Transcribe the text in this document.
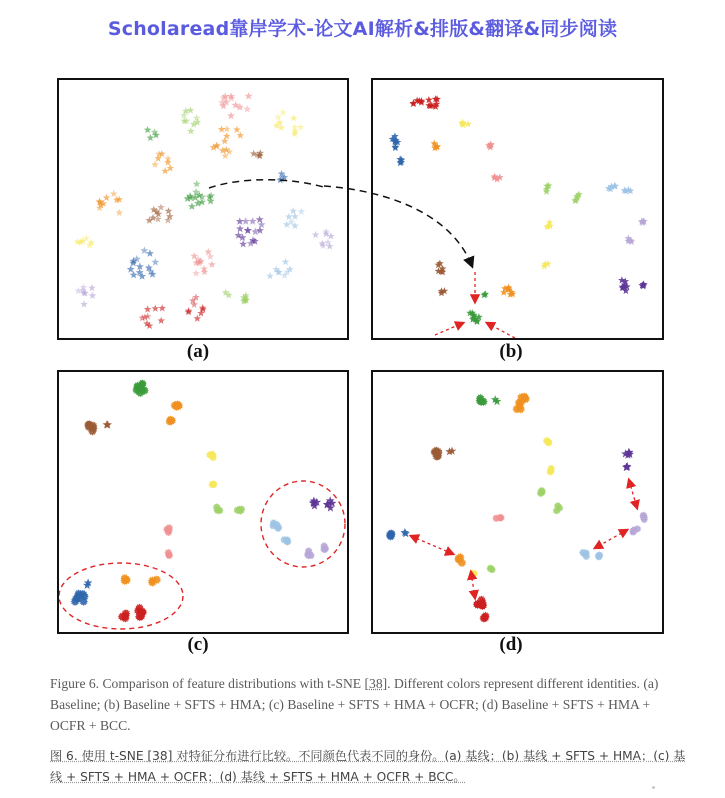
Scholaread靠岸学术-论文AI解析&排版&翻译&同步阅读
(a)	(b)
(c)	(d)
Figure 6. Comparison of feature distributions with t-SNE [38]. Different colors represent different identities. (a) Baseline; (b) Baseline + SFTS + HMA; (c) Baseline + SFTS + HMA + OCFR; (d) Baseline + SFTS + HMA + OCFR + BCC.
图 6. 使用 t-SNE [38] 对特征分布进行比较。不同颜色代表不同的身份。(a) 基线；(b) 基线 + SFTS + HMA；(c) 基线 + SFTS + HMA + OCFR；(d) 基线 + SFTS + HMA + OCFR + BCC。
